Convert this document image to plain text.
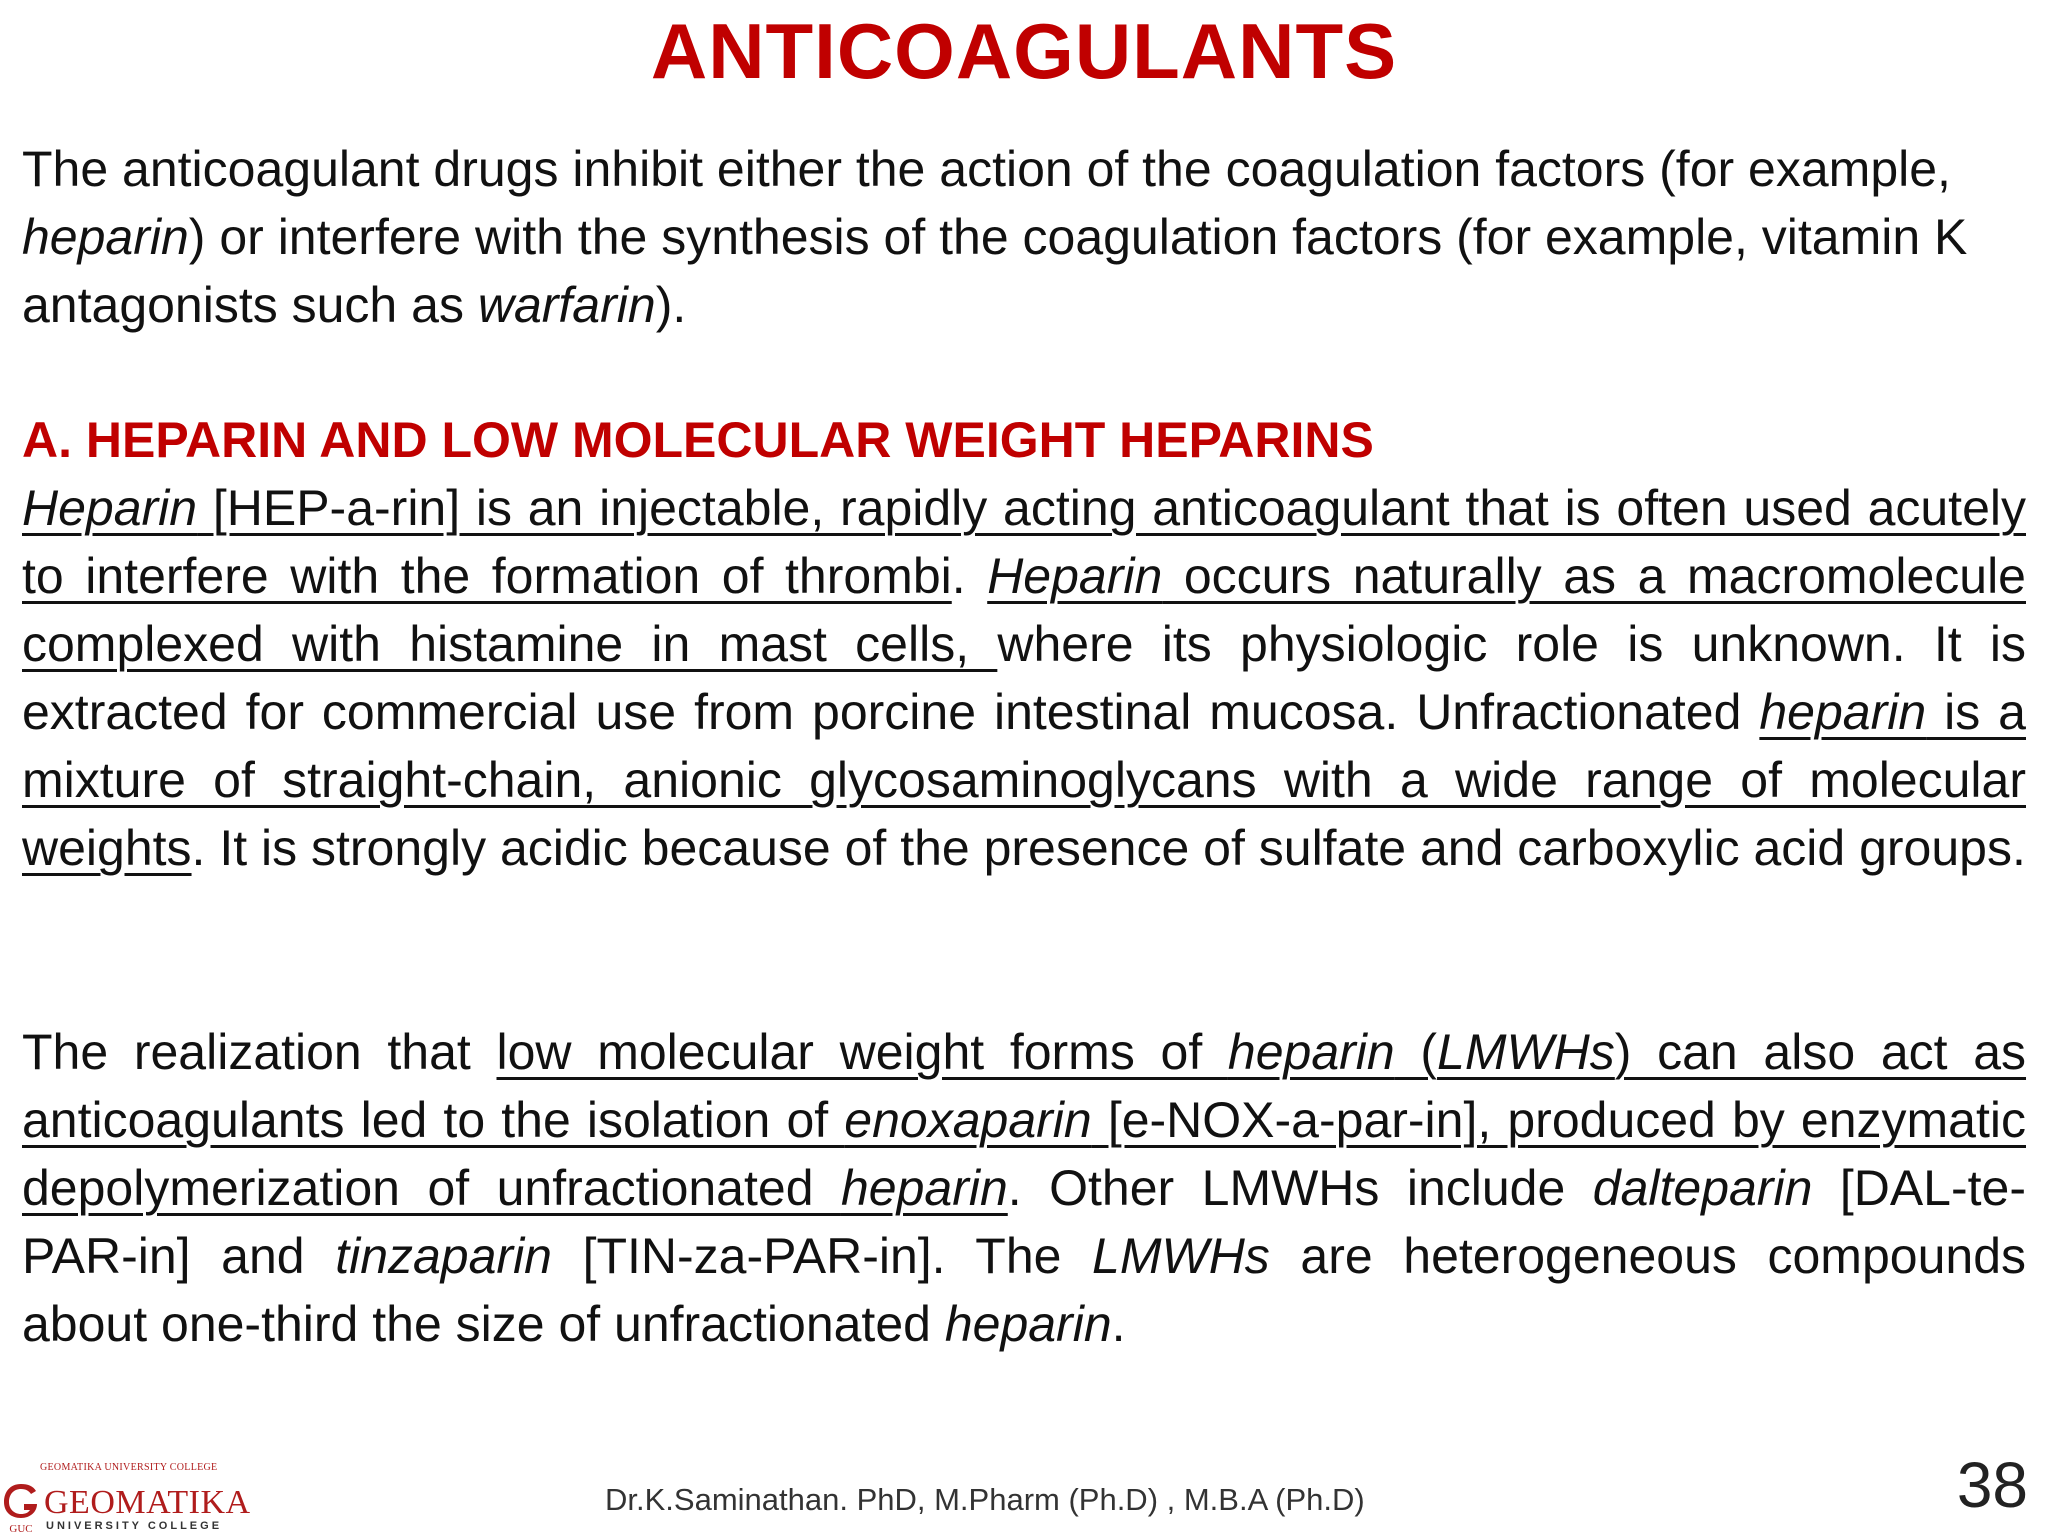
ANTICOAGULANTS
The anticoagulant drugs inhibit either the action of the coagulation factors (for example, heparin) or interfere with the synthesis of the coagulation factors (for example, vitamin K antagonists such as warfarin).
A. HEPARIN AND LOW MOLECULAR WEIGHT HEPARINS
Heparin [HEP-a-rin] is an injectable, rapidly acting anticoagulant that is often used acutely to interfere with the formation of thrombi. Heparin occurs naturally as a macromolecule complexed with histamine in mast cells, where its physiologic role is unknown. It is extracted for commercial use from porcine intestinal mucosa. Unfractionated heparin is a mixture of straight-chain, anionic glycosaminoglycans with a wide range of molecular weights. It is strongly acidic because of the presence of sulfate and carboxylic acid groups.
The realization that low molecular weight forms of heparin (LMWHs) can also act as anticoagulants led to the isolation of enoxaparin [e-NOX-a-par-in], produced by enzymatic depolymerization of unfractionated heparin. Other LMWHs include dalteparin [DAL-te-PAR-in] and tinzaparin [TIN-za-PAR-in]. The LMWHs are heterogeneous compounds about one-third the size of unfractionated heparin.
GUC
GEOMATIKA UNIVERSITY COLLEGE
GEOMATIKA
UNIVERSITY COLLEGE
Dr.K.Saminathan. PhD, M.Pharm (Ph.D) , M.B.A (Ph.D)	38
